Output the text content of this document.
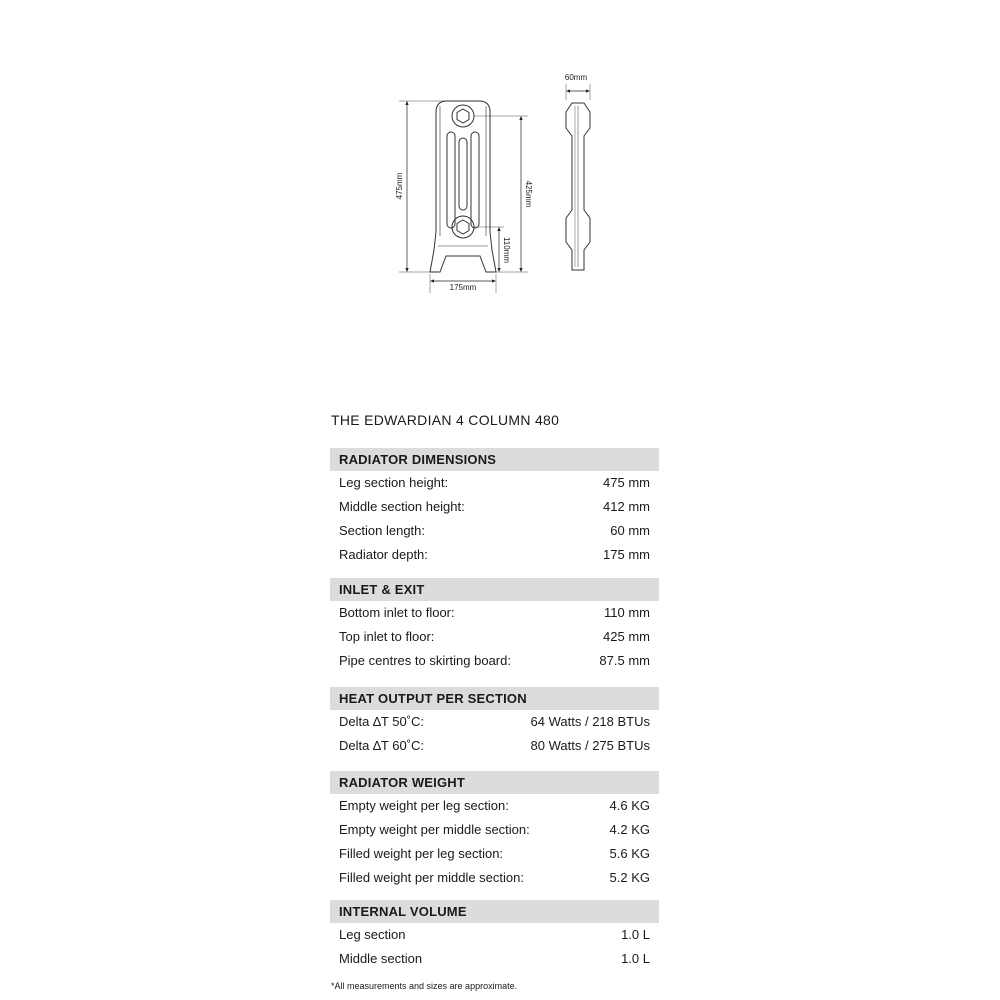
475mm	425mm
110mm
175mm
60mm
THE EDWARDIAN 4 COLUMN 480
RADIATOR DIMENSIONS
Leg section height:	475 mm
Middle section height:	412 mm
Section length:	60 mm
Radiator depth:	175 mm
INLET & EXIT
Bottom inlet to floor:	110 mm
Top inlet to floor:	425 mm
Pipe centres to skirting board:	87.5 mm
HEAT OUTPUT PER SECTION
Delta ∆T 50˚C:	64 Watts / 218 BTUs
Delta ∆T 60˚C:	80 Watts / 275 BTUs
RADIATOR WEIGHT
Empty weight per leg section:	4.6 KG
Empty weight per middle section:	4.2 KG
Filled weight per leg section:	5.6 KG
Filled weight per middle section:	5.2 KG
INTERNAL VOLUME
Leg section	1.0 L
Middle section	1.0 L
*All measurements and sizes are approximate.
